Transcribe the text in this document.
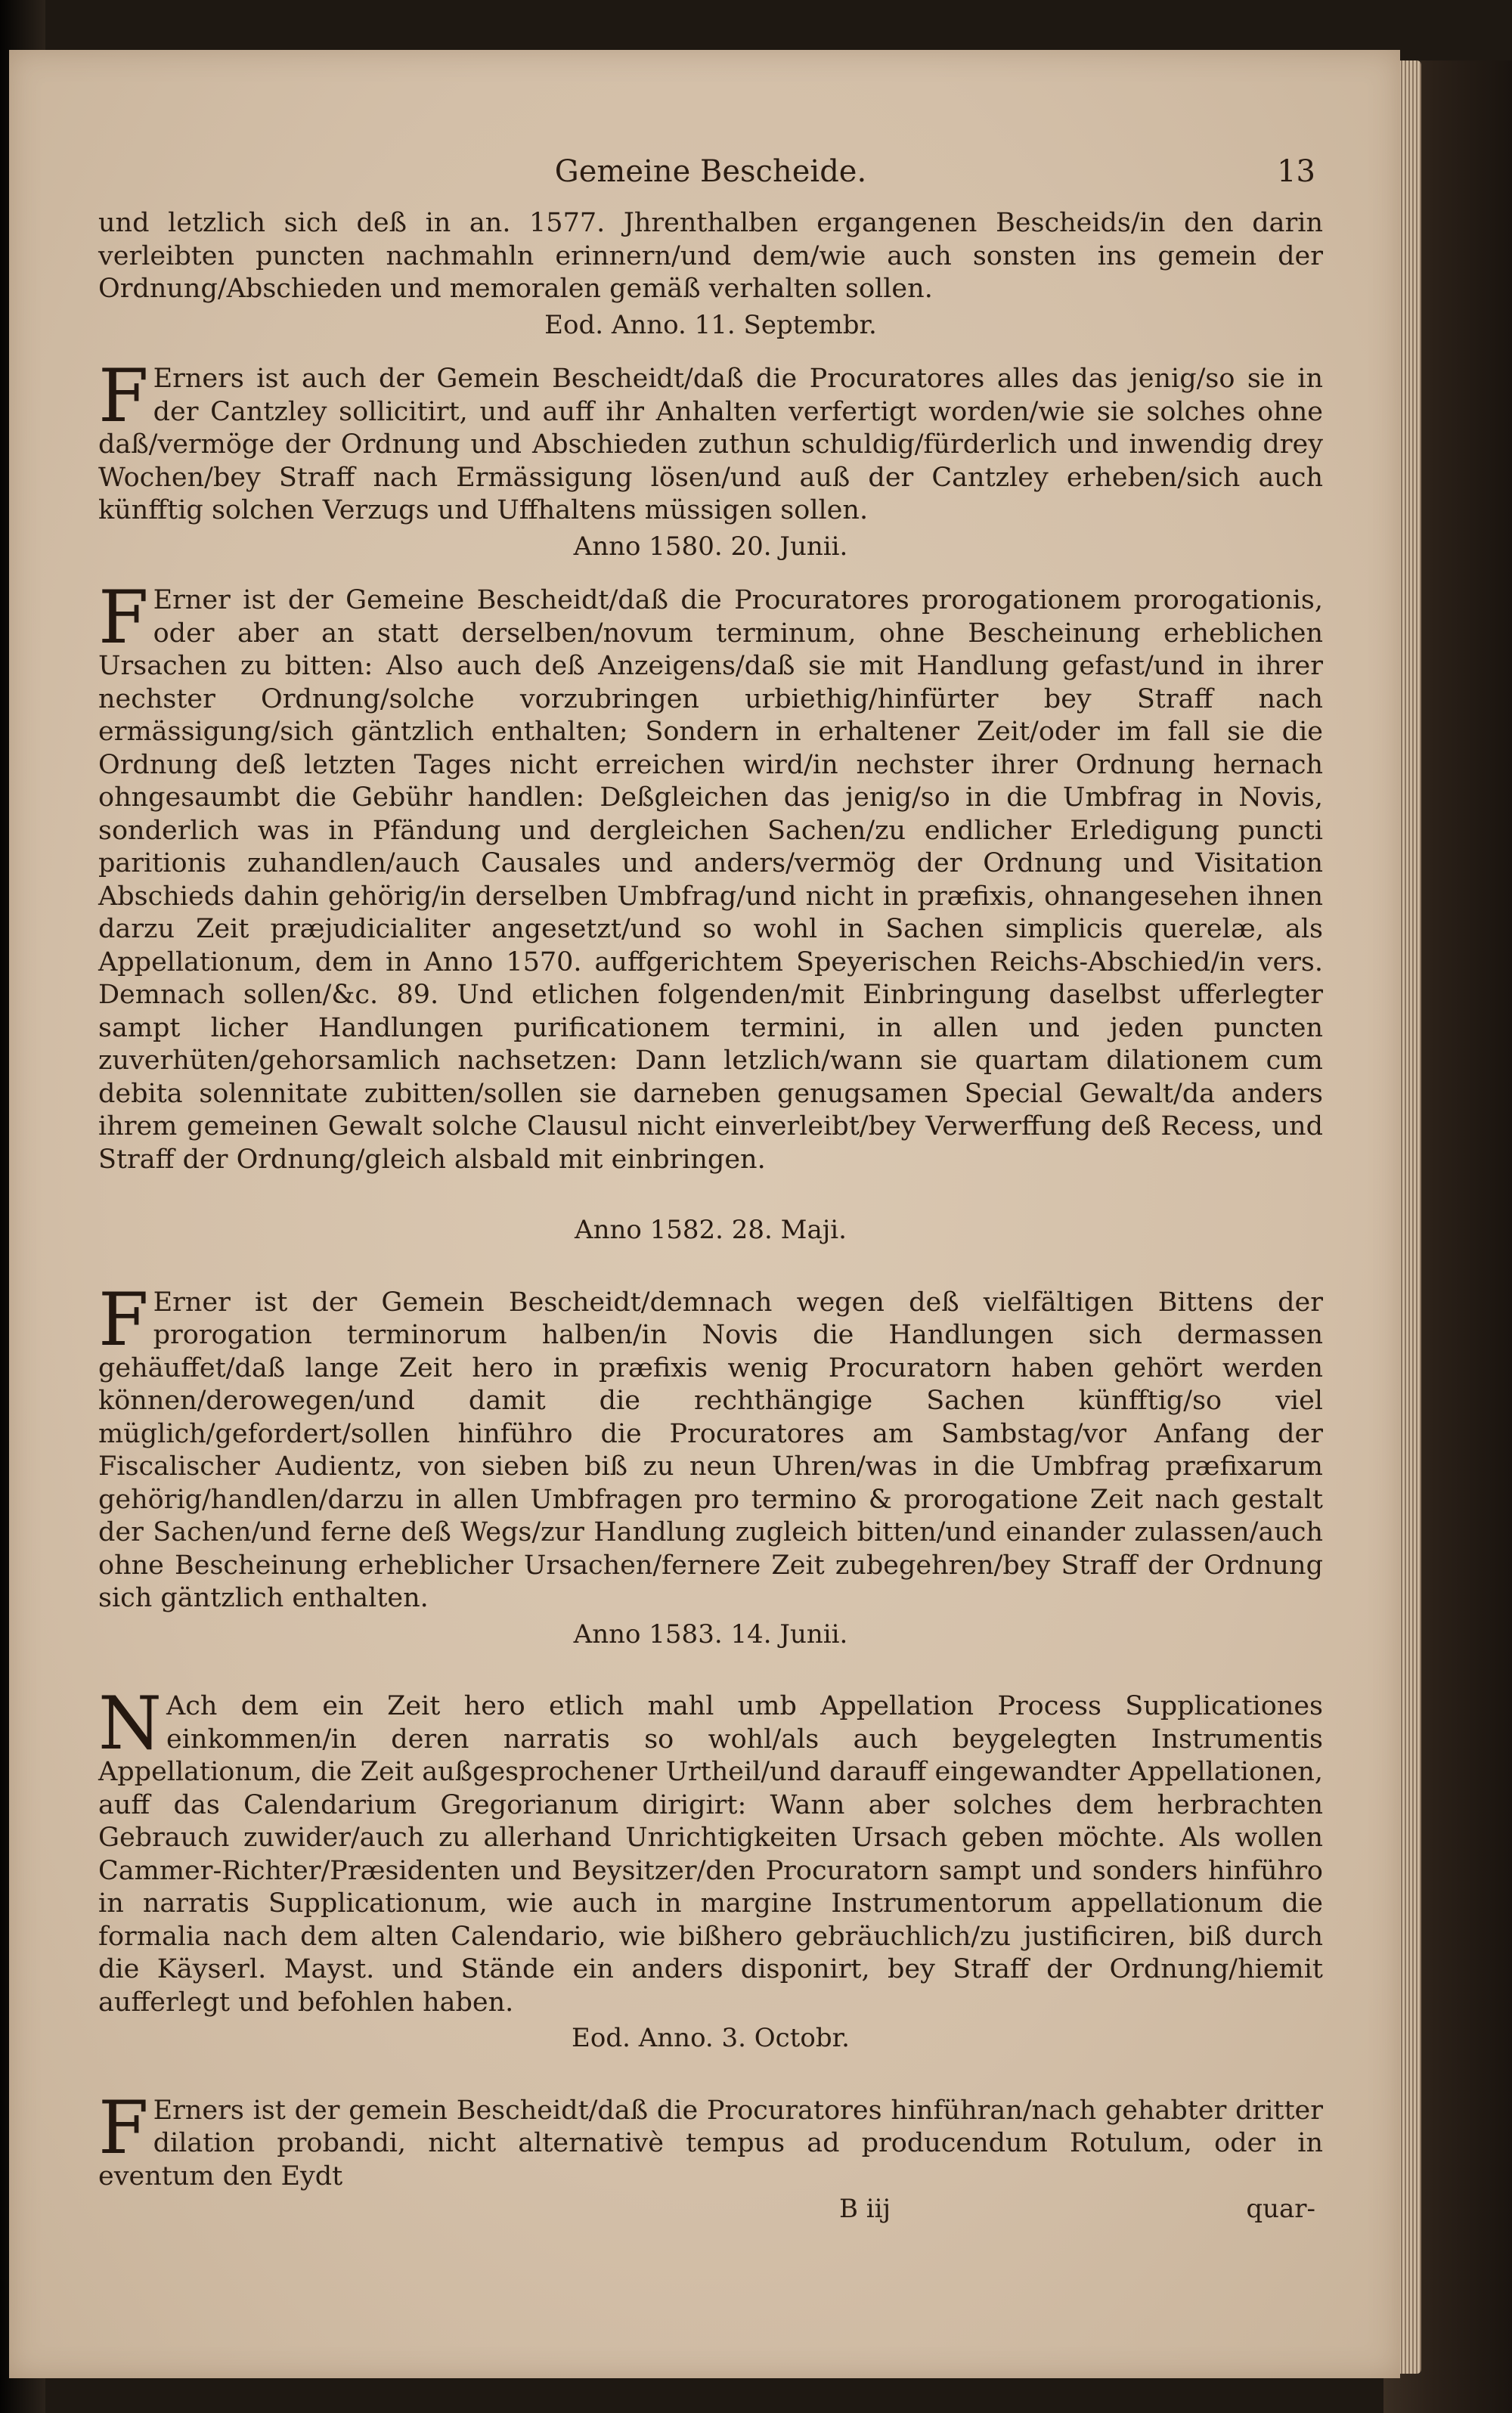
Gemeine Bescheide.	13

und letzlich sich deß in an. 1577. Jhrenthalben ergangenen Bescheids/in den darin verleibten puncten nachmahln erinnern/und dem/wie auch sonsten ins gemein der Ordnung/Abschieden und memoralen gemäß verhalten sollen.

Eod. Anno. 11. Septembr.
F Erners ist auch der Gemein Bescheidt/daß die Procuratores alles das jenig/so sie in der Cantzley sollicitirt, und auff ihr Anhalten verfertigt worden/wie sie solches ohne daß/vermöge der Ordnung und Abschieden zuthun schuldig/fürderlich und inwendig drey Wochen/bey Straff nach Ermässigung lösen/und auß der Cantzley erheben/sich auch künfftig solchen Verzugs und Uffhaltens müssigen sollen.

Anno 1580. 20. Junii.
F Erner ist der Gemeine Bescheidt/daß die Procuratores prorogationem prorogationis, oder aber an statt derselben/novum terminum, ohne Bescheinung erheblichen Ursachen zu bitten: Also auch deß Anzeigens/daß sie mit Handlung gefast/und in ihrer nechster Ordnung/solche vorzubringen urbiethig/hinfürter bey Straff nach ermässigung/sich gäntzlich enthalten; Sondern in erhaltener Zeit/oder im fall sie die Ordnung deß letzten Tages nicht erreichen wird/in nechster ihrer Ordnung hernach ohngesaumbt die Gebühr handlen: Deßgleichen das jenig/so in die Umbfrag in Novis, sonderlich was in Pfändung und dergleichen Sachen/zu endlicher Erledigung puncti paritionis zuhandlen/auch Causales und anders/vermög der Ordnung und Visitation Abschieds dahin gehörig/in derselben Umbfrag/und nicht in præfixis, ohnangesehen ihnen darzu Zeit præjudicialiter angesetzt/und so wohl in Sachen simplicis querelæ, als Appellationum, dem in Anno 1570. auffgerichtem Speyerischen Reichs-Abschied/in vers. Demnach sollen/&c. 89. Und etlichen folgenden/mit Einbringung daselbst ufferlegter sampt licher Handlungen purificationem termini, in allen und jeden puncten zuverhüten/gehorsamlich nachsetzen: Dann letzlich/wann sie quartam dilationem cum debita solennitate zubitten/sollen sie darneben genugsamen Special Gewalt/da anders ihrem gemeinen Gewalt solche Clausul nicht einverleibt/bey Verwerffung deß Recess, und Straff der Ordnung/gleich alsbald mit einbringen.

Anno 1582. 28. Maji.
F Erner ist der Gemein Bescheidt/demnach wegen deß vielfältigen Bittens der prorogation terminorum halben/in Novis die Handlungen sich dermassen gehäuffet/daß lange Zeit hero in præfixis wenig Procuratorn haben gehört werden können/derowegen/und damit die rechthängige Sachen künfftig/so viel müglich/gefordert/sollen hinführo die Procuratores am Sambstag/vor Anfang der Fiscalischer Audientz, von sieben biß zu neun Uhren/was in die Umbfrag præfixarum gehörig/handlen/darzu in allen Umbfragen pro termino & prorogatione Zeit nach gestalt der Sachen/und ferne deß Wegs/zur Handlung zugleich bitten/und einander zulassen/auch ohne Bescheinung erheblicher Ursachen/fernere Zeit zubegehren/bey Straff der Ordnung sich gäntzlich enthalten.

Anno 1583. 14. Junii.
N Ach dem ein Zeit hero etlich mahl umb Appellation Process Supplicationes einkommen/in deren narratis so wohl/als auch beygelegten Instrumentis Appellationum, die Zeit außgesprochener Urtheil/und darauff eingewandter Appellationen, auff das Calendarium Gregorianum dirigirt: Wann aber solches dem herbrachten Gebrauch zuwider/auch zu allerhand Unrichtigkeiten Ursach geben möchte. Als wollen Cammer-Richter/Præsidenten und Beysitzer/den Procuratorn sampt und sonders hinführo in narratis Supplicationum, wie auch in margine Instrumentorum appellationum die formalia nach dem alten Calendario, wie bißhero gebräuchlich/zu justificiren, biß durch die Käyserl. Mayst. und Stände ein anders disponirt, bey Straff der Ordnung/hiemit aufferlegt und befohlen haben.

Eod. Anno. 3. Octobr.
F Erners ist der gemein Bescheidt/daß die Procuratores hinführan/nach gehabter dritter dilation probandi, nicht alternativè tempus ad producendum Rotulum, oder in eventum den Eydt

B iij	quar-
